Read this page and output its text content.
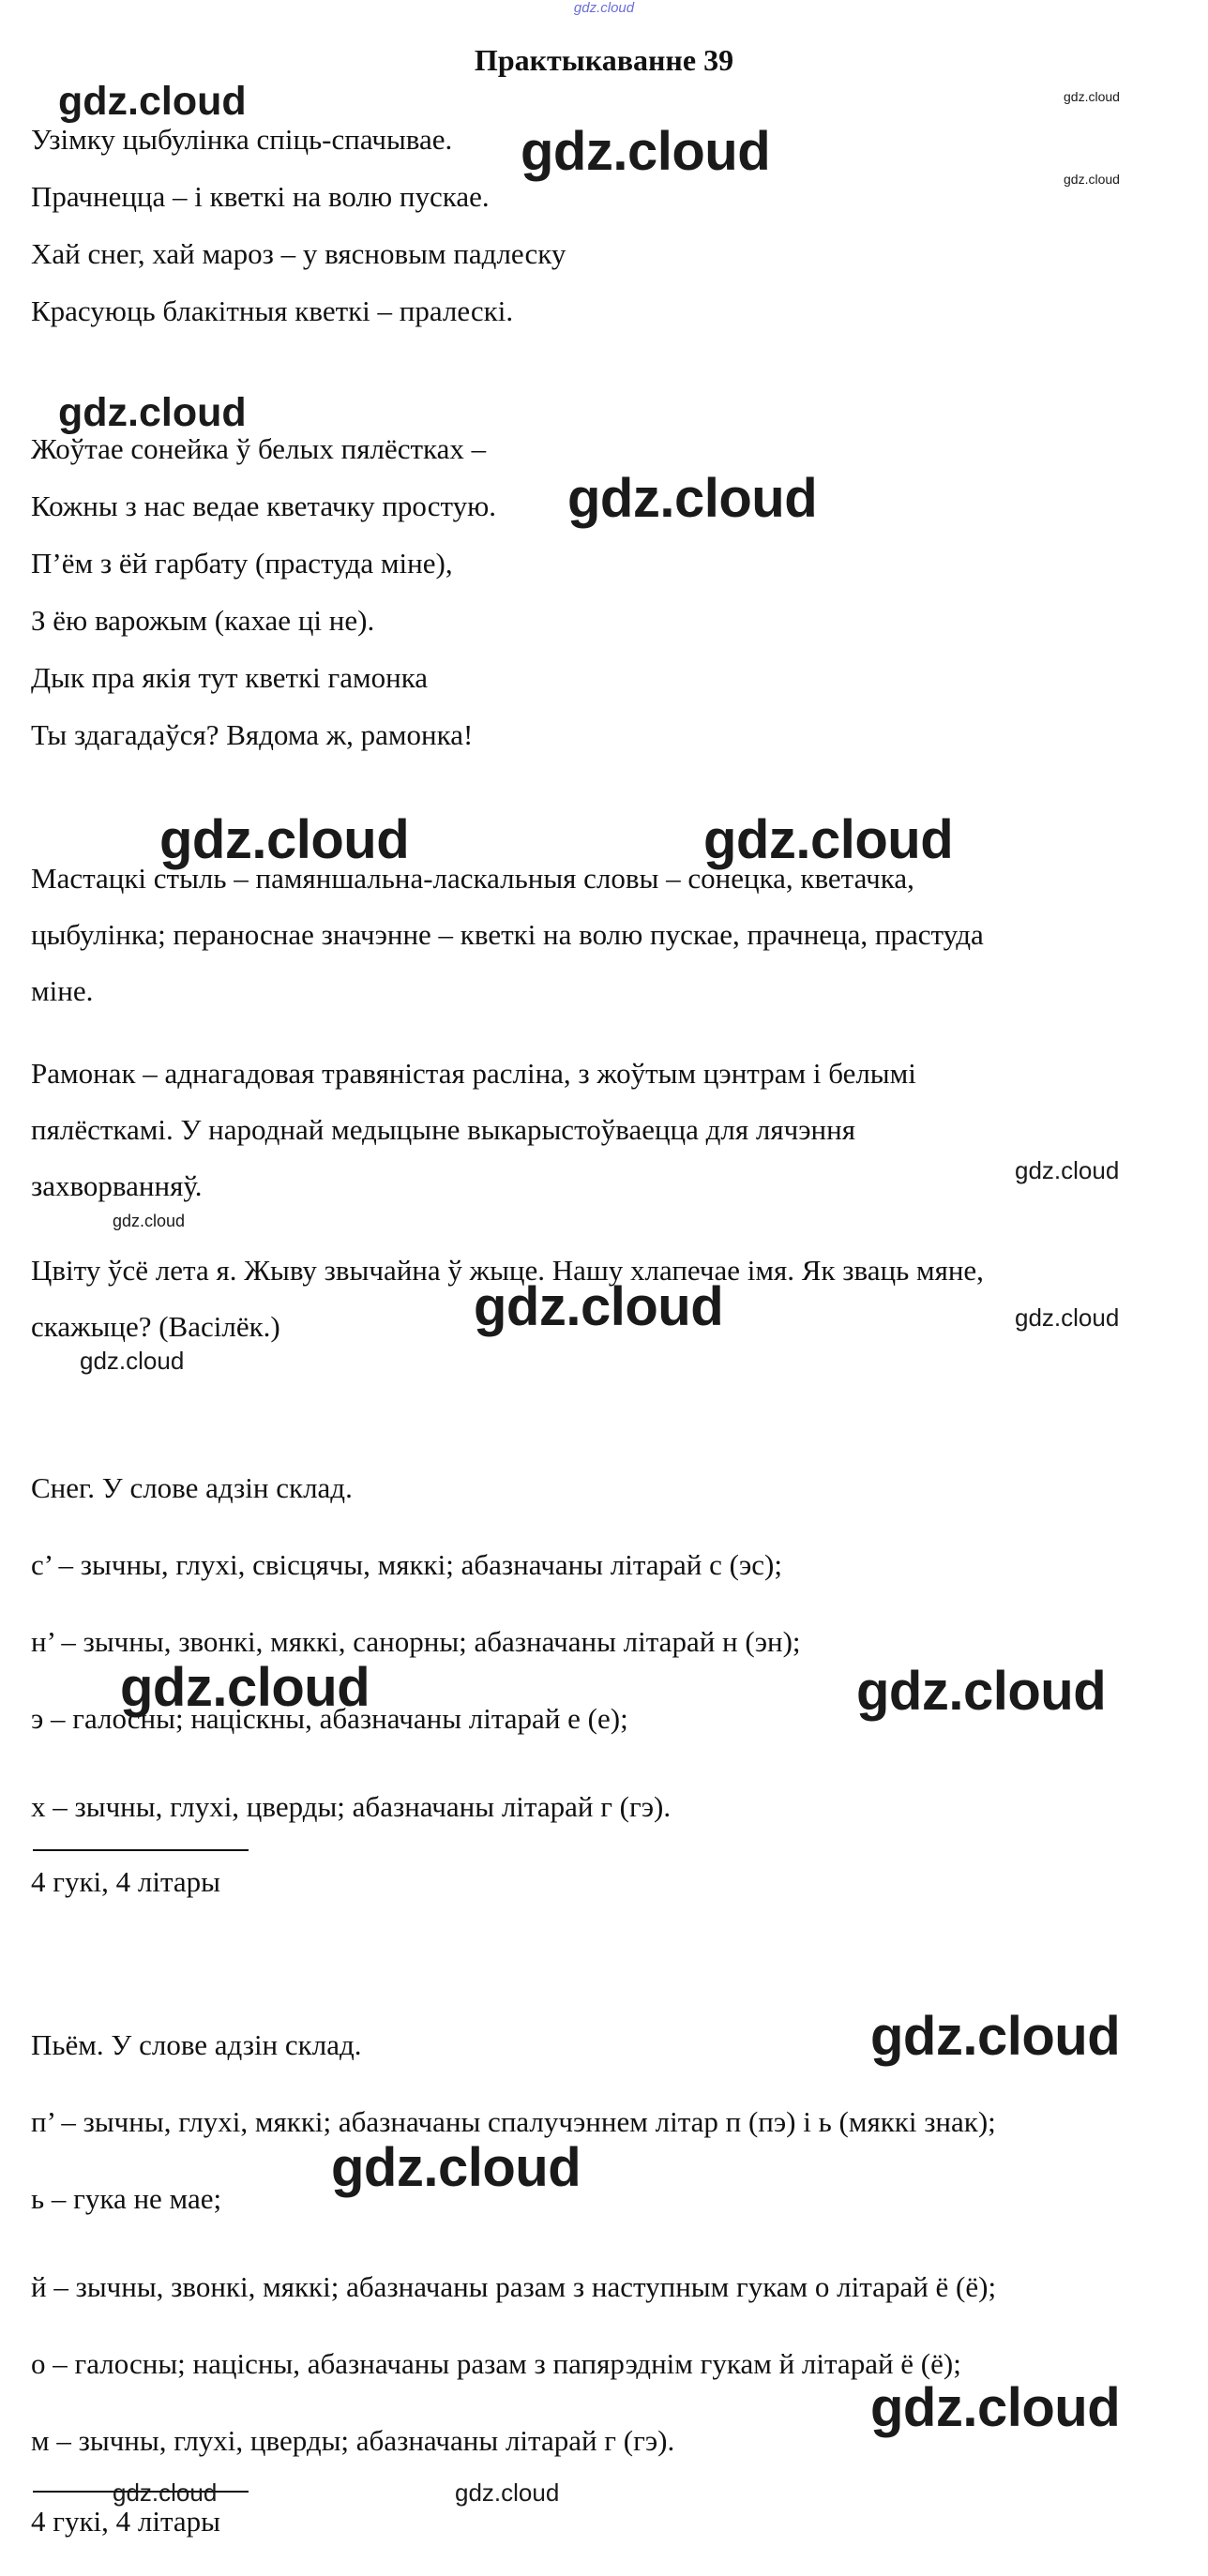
gdz.cloud
Практыкаванне 39
Узімку цыбулінка спіць-спачывае.
Прачнецца – і кветкі на волю пускае.
Хай снег, хай мароз – у вясновым падлеску
Красуюць блакітныя кветкі – пралескі.
Жоўтае сонейка ў белых пялёстках –
Кожны з нас ведае кветачку простую.
П’ём з ёй гарбату (прастуда міне),
З ёю варожым (кахае ці не).
Дык пра якія тут кветкі гамонка
Ты здагадаўся? Вядома ж, рамонка!
Мастацкі стыль – памяншальна-ласкальныя словы – сонецка, кветачка,
цыбулінка; пераноснае значэнне – кветкі на волю пускае, прачнеца, прастуда
міне.
Рамонак – аднагадовая травяністая расліна, з жоўтым цэнтрам і белымі
пялёсткамі. У народнай медыцыне выкарыстоўваецца для лячэння
захворванняў.
Цвіту ўсё лета я. Жыву звычайна ў жыце. Нашу хлапечае імя. Як зваць мяне,
скажыце? (Васілёк.)
Снег. У слове адзін склад.
с’ – зычны, глухі, свісцячы, мяккі; абазначаны літарай с (эс);
н’ – зычны, звонкі, мяккі, санорны; абазначаны літарай н (эн);
э – галосны; націскны, абазначаны літарай е (е);
х – зычны, глухі, цверды; абазначаны літарай г (гэ).
4 гукі, 4 літары
Пьём. У слове адзін склад.
п’ – зычны, глухі, мяккі; абазначаны спалучэннем літар п (пэ) і ь (мяккі знак);
ь – гука не мае;
й – зычны, звонкі, мяккі; абазначаны разам з наступным гукам о літарай ё (ё);
о – галосны; націсны, абазначаны разам з папярэднім гукам й літарай ё (ё);
м – зычны, глухі, цверды; абазначаны літарай г (гэ).
4 гукі, 4 літары
gdz.cloud
gdz.cloud
gdz.cloud
gdz.cloud
gdz.cloud
gdz.cloud
gdz.cloud	gdz.cloud
gdz.cloud
gdz.cloud
gdz.cloud	gdz.cloud
gdz.cloud
gdz.cloud	gdz.cloud
gdz.cloud
gdz.cloud
gdz.cloud
gdz.cloud	gdz.cloud
